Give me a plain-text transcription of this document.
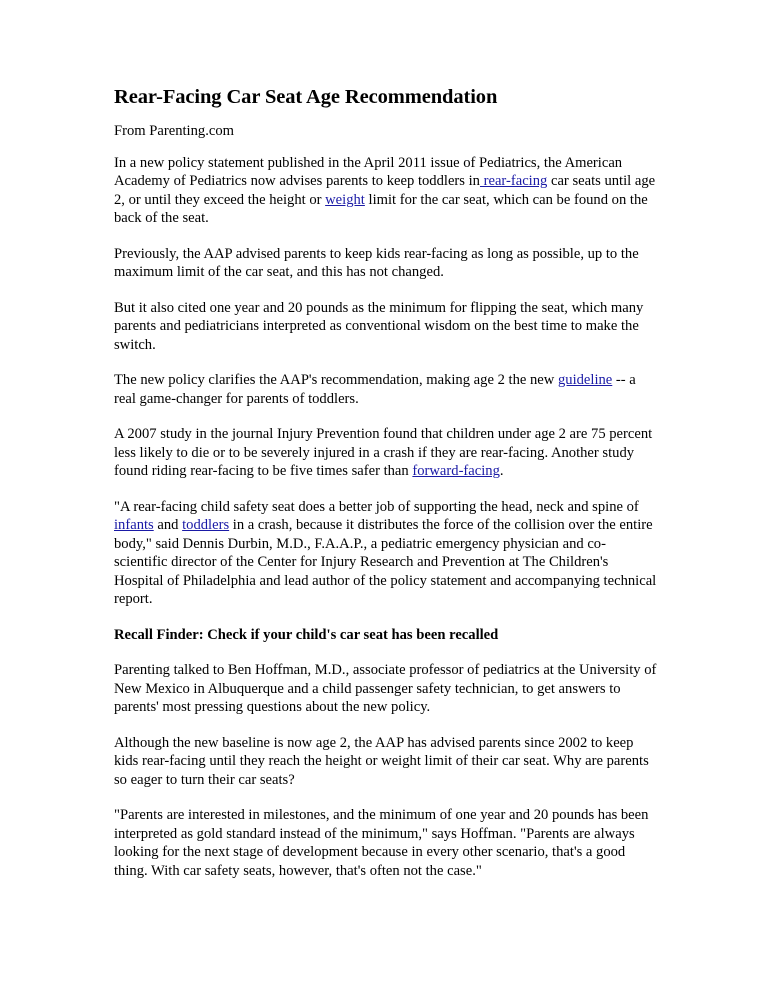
Rear-Facing Car Seat Age Recommendation

From Parenting.com

In a new policy statement published in the April 2011 issue of Pediatrics, the American Academy of Pediatrics now advises parents to keep toddlers in rear-facing car seats until age 2, or until they exceed the height or weight limit for the car seat, which can be found on the back of the seat.

Previously, the AAP advised parents to keep kids rear-facing as long as possible, up to the maximum limit of the car seat, and this has not changed.

But it also cited one year and 20 pounds as the minimum for flipping the seat, which many parents and pediatricians interpreted as conventional wisdom on the best time to make the switch.

The new policy clarifies the AAP's recommendation, making age 2 the new guideline -- a real game-changer for parents of toddlers.

A 2007 study in the journal Injury Prevention found that children under age 2 are 75 percent less likely to die or to be severely injured in a crash if they are rear-facing. Another study found riding rear-facing to be five times safer than forward-facing.

"A rear-facing child safety seat does a better job of supporting the head, neck and spine of infants and toddlers in a crash, because it distributes the force of the collision over the entire body," said Dennis Durbin, M.D., F.A.A.P., a pediatric emergency physician and co-scientific director of the Center for Injury Research and Prevention at The Children's Hospital of Philadelphia and lead author of the policy statement and accompanying technical report.

Recall Finder: Check if your child's car seat has been recalled

Parenting talked to Ben Hoffman, M.D., associate professor of pediatrics at the University of New Mexico in Albuquerque and a child passenger safety technician, to get answers to parents' most pressing questions about the new policy.

Although the new baseline is now age 2, the AAP has advised parents since 2002 to keep kids rear-facing until they reach the height or weight limit of their car seat. Why are parents so eager to turn their car seats?

"Parents are interested in milestones, and the minimum of one year and 20 pounds has been interpreted as gold standard instead of the minimum," says Hoffman. "Parents are always looking for the next stage of development because in every other scenario, that's a good thing. With car safety seats, however, that's often not the case."
